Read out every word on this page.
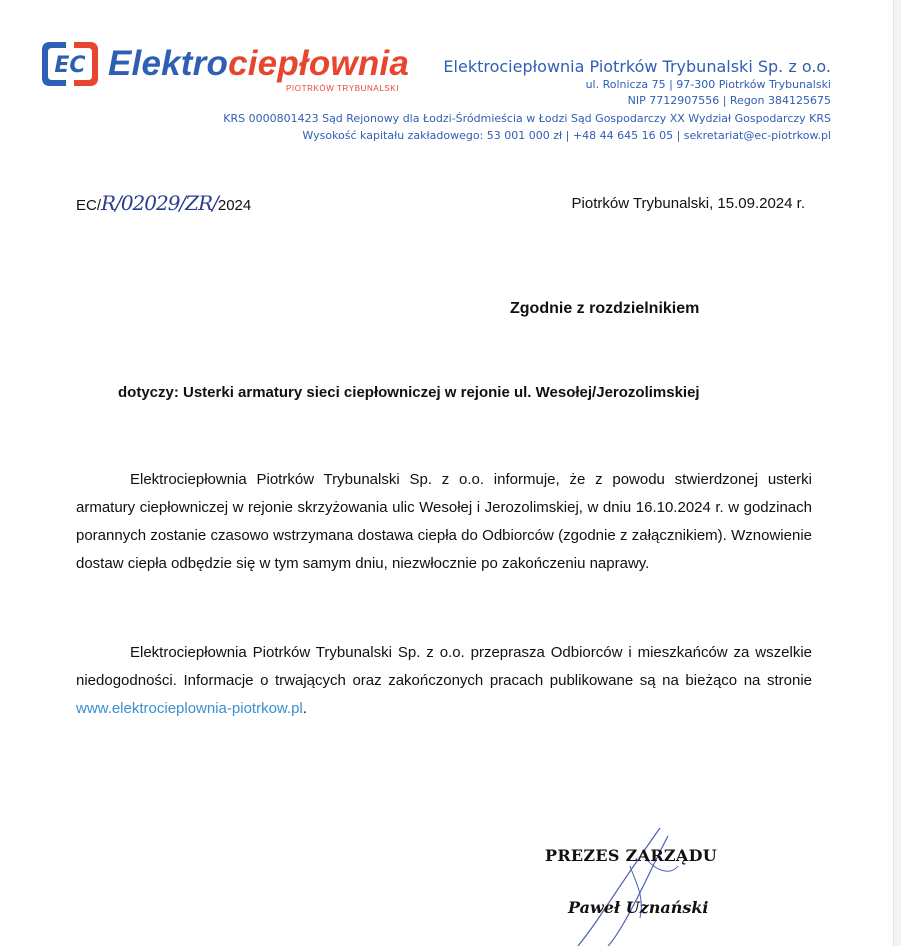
EC Elektrociepłownia
PIOTRKÓW TRYBUNALSKI
Elektrociepłownia Piotrków Trybunalski Sp. z o.o.
ul. Rolnicza 75 | 97-300 Piotrków Trybunalski
NIP 7712907556 | Regon 384125675
KRS 0000801423 Sąd Rejonowy dla Łodzi-Śródmieścia w Łodzi Sąd Gospodarczy XX Wydział Gospodarczy KRS
Wysokość kapitału zakładowego: 53 001 000 zł | +48 44 645 16 05 | sekretariat@ec-piotrkow.pl
EC/R/02029/ZR/2024	Piotrków Trybunalski, 15.09.2024 r.
Zgodnie z rozdzielnikiem
dotyczy: Usterki armatury sieci ciepłowniczej w rejonie ul. Wesołej/Jerozolimskiej
Elektrociepłownia Piotrków Trybunalski Sp. z o.o. informuje, że z powodu stwierdzonej usterki armatury ciepłowniczej w rejonie skrzyżowania ulic Wesołej i Jerozolimskiej, w dniu 16.10.2024 r. w godzinach porannych zostanie czasowo wstrzymana dostawa ciepła do Odbiorców (zgodnie z załącznikiem). Wznowienie dostaw ciepła odbędzie się w tym samym dniu, niezwłocznie po zakończeniu naprawy.
Elektrociepłownia Piotrków Trybunalski Sp. z o.o. przeprasza Odbiorców i mieszkańców za wszelkie niedogodności. Informacje o trwających oraz zakończonych pracach publikowane są na bieżąco na stronie www.elektrocieplownia-piotrkow.pl.
PREZES ZARZĄDU
Paweł Uznański
